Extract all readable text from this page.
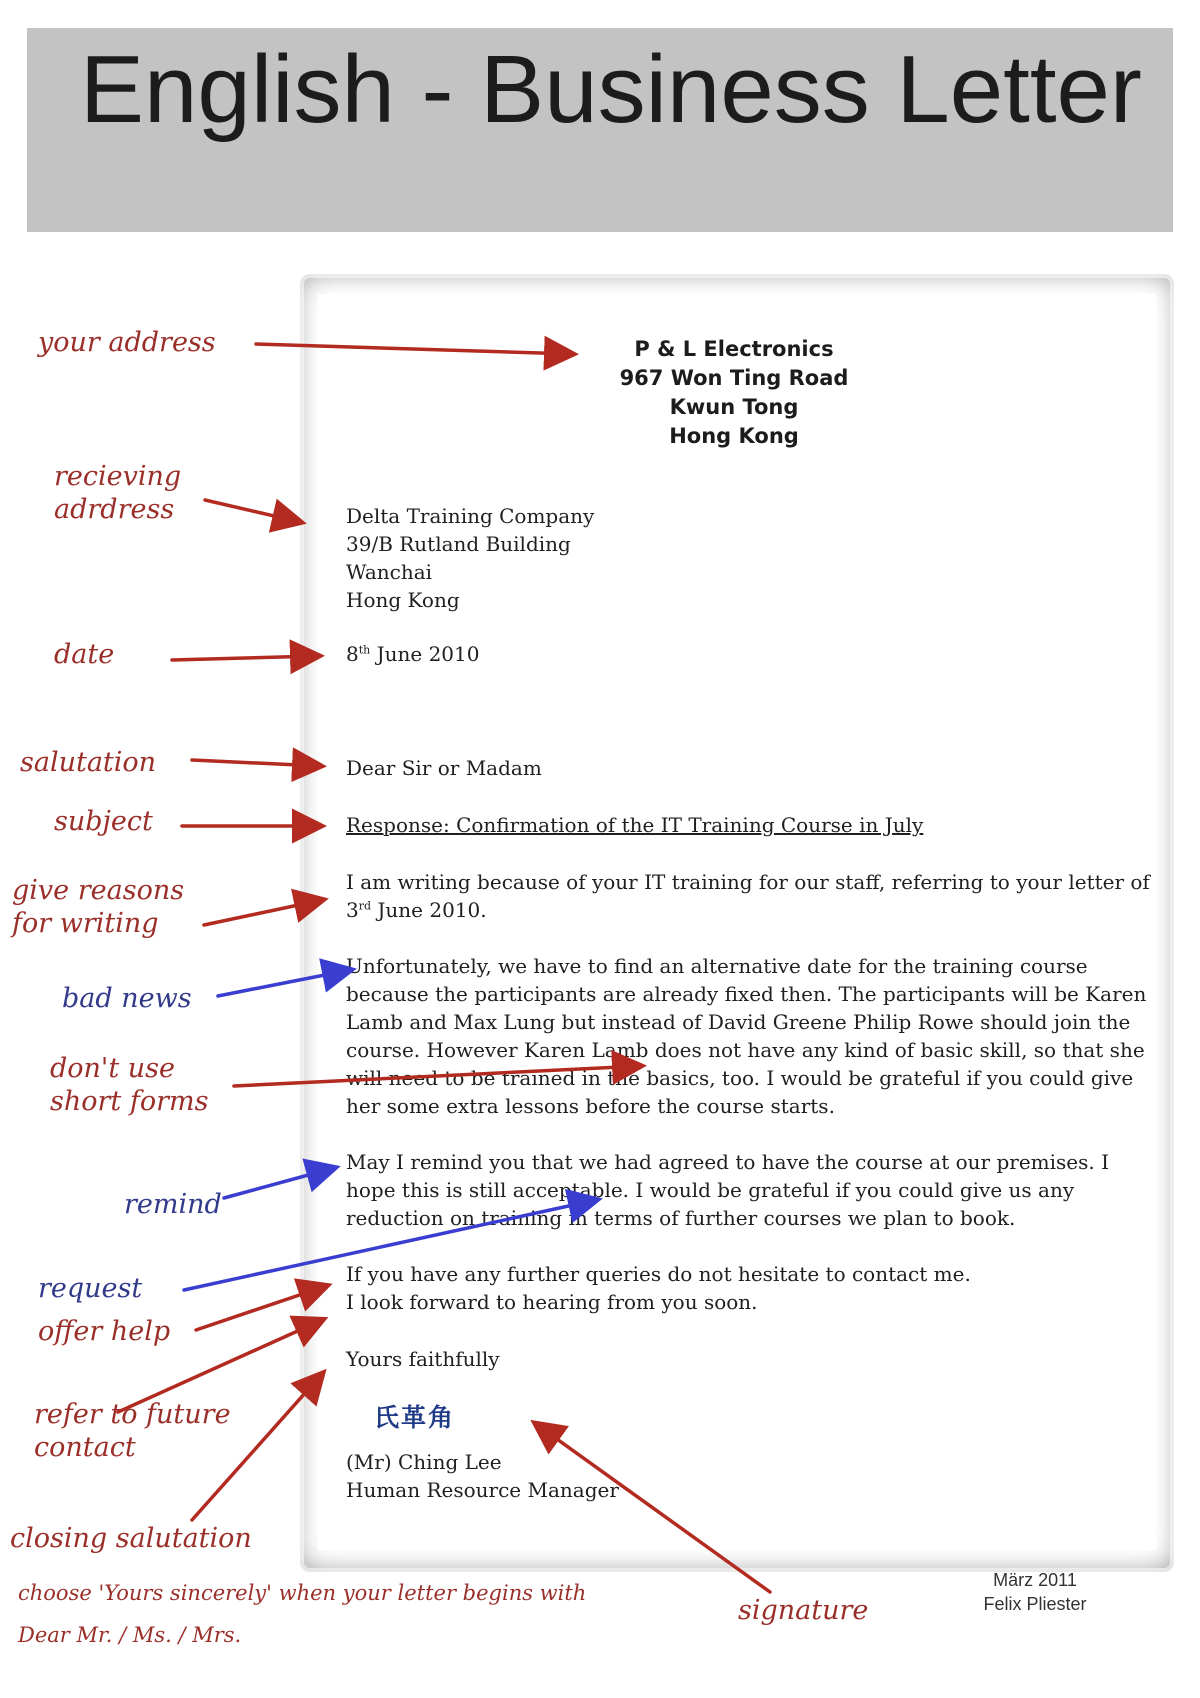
English - Business Letter
P & L Electronics
967 Won Ting Road
Kwun Tong
Hong Kong

Delta Training Company

39/B Rutland Building

Wanchai

Hong Kong

8th June 2010
Dear Sir or Madam
Response: Confirmation of the IT Training Course in July

I am writing because of your IT training for our staff, referring to your letter of

3rd June 2010.

Unfortunately, we have to find an alternative date for the training course

because the participants are already fixed then. The participants will be Karen

Lamb and Max Lung but instead of David Greene Philip Rowe should join the

course. However Karen Lamb does not have any kind of basic skill, so that she

will need to be trained in the basics, too. I would be grateful if you could give

her some extra lessons before the course starts.

May I remind you that we had agreed to have the course at our premises. I

hope this is still acceptable. I would be grateful if you could give us any

reduction on training in terms of further courses we plan to book.

If you have any further queries do not hesitate to contact me.

I look forward to hearing from you soon.

Yours faithfully
氏革角

(Mr) Ching Lee

Human Resource Manager

your address
recieving
adrdress
date
salutation
subject
give reasons
for writing
bad news
don't use
short forms
remind
request
offer help
refer to future
contact
closing salutation
choose 'Yours sincerely' when your letter begins with
Dear Mr. / Ms. / Mrs.
signature
März 2011
Felix Pliester
